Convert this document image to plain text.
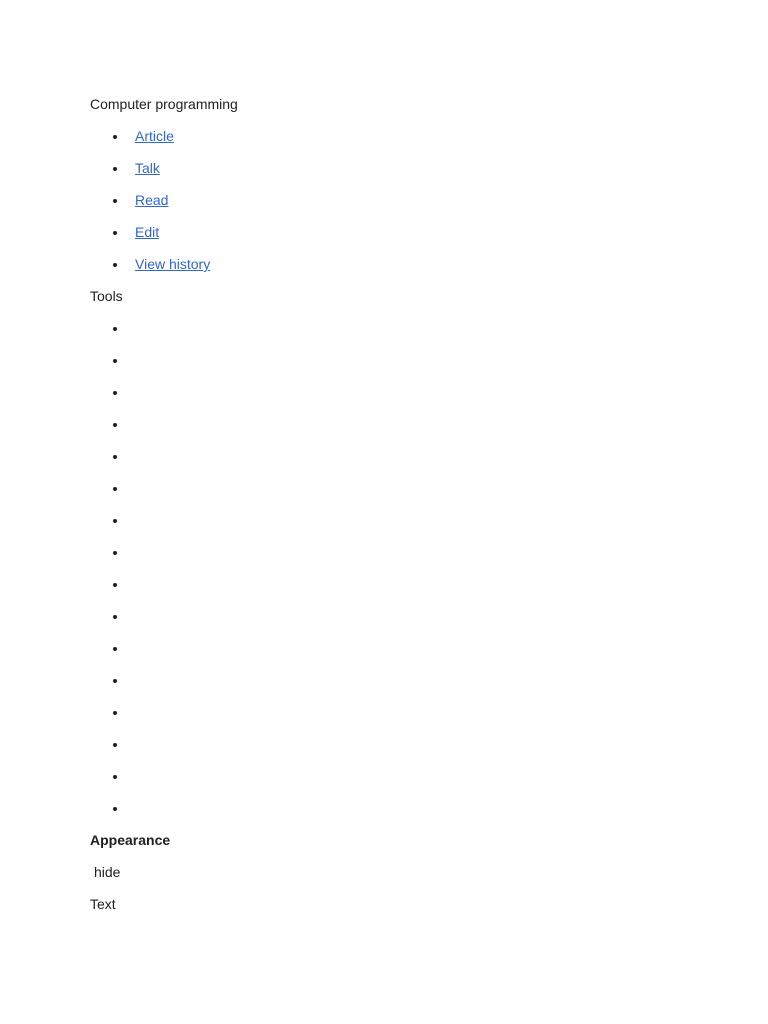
Computer programming
Article
Talk
Read
Edit
View history
Tools
Appearance
hide
Text
